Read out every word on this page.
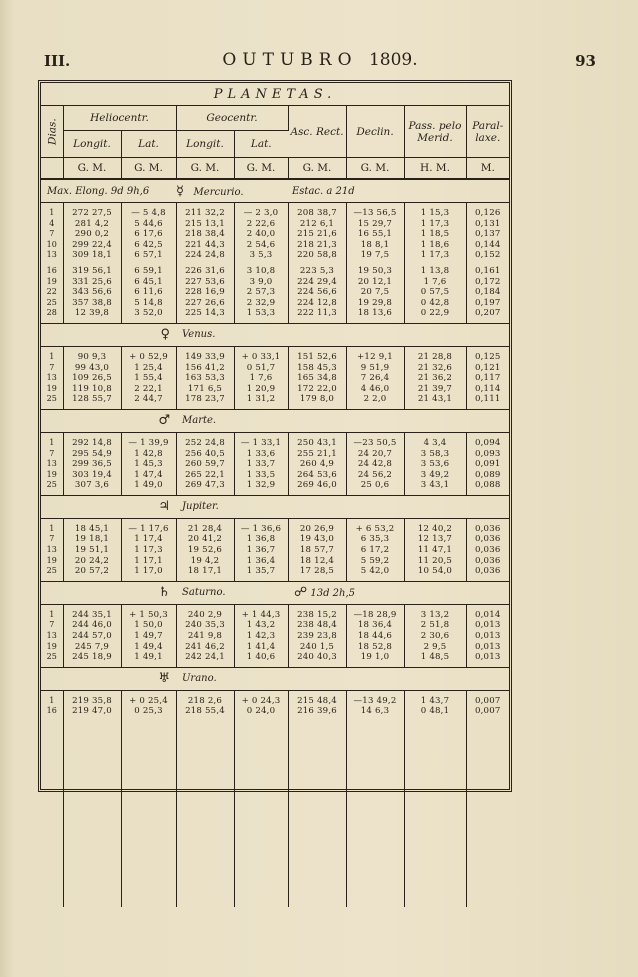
III.	OUTUBRO 1809.	93
PLANETAS.								
Dias.	Heliocentr.		Geocentr.		Asc. Rect.	Declin.	Pass. pelo Merid.	Paral- laxe.
	Longit.	Lat.	Longit.	Lat.				
	G. M.	G. M.	G. M.	G. M.	G. M.	G. M.	H. M.	M.
Max. Elong. 9d 9h,6			☿ Mercurio.		Estac. a 21d			

1	272 27,5	— 5 4,8	211 32,2	— 2 3,0	208 38,7	—13 56,5	1 15,3	0,126
4	281 4,2	5 44,6	215 13,1	2 22,6	212 6,1	15 29,7	1 17,3	0,131
7	290 0,2	6 17,6	218 38,4	2 40,0	215 21,6	16 55,1	1 18,5	0,137
10	299 22,4	6 42,5	221 44,3	2 54,6	218 21,3	18 8,1	1 18,6	0,144
13	309 18,1	6 57,1	224 24,8	3 5,3	220 58,8	19 7,5	1 17,3	0,152

16	319 56,1	6 59,1	226 31,6	3 10,8	223 5,3	19 50,3	1 13,8	0,161
19	331 25,6	6 45,1	227 53,6	3 9,0	224 29,4	20 12,1	1 7,6	0,172
22	343 56,6	6 11,6	228 16,9	2 57,3	224 56,6	20 7,5	0 57,5	0,184
25	357 38,8	5 14,8	227 26,6	2 32,9	224 12,8	19 29,8	0 42,8	0,197
28	12 39,8	3 52,0	225 14,3	1 53,3	222 11,3	18 13,6	0 22,9	0,207

♀			Venus.					

1	90 9,3	+ 0 52,9	149 33,9	+ 0 33,1	151 52,6	+12 9,1	21 28,8	0,125
7	99 43,0	1 25,4	156 41,2	0 51,7	158 45,3	9 51,9	21 32,6	0,121
13	109 26,5	1 55,4	163 53,3	1 7,6	165 34,8	7 26,4	21 36,2	0,117
19	119 10,8	2 22,1	171 6,5	1 20,9	172 22,0	4 46,0	21 39,7	0,114
25	128 55,7	2 44,7	178 23,7	1 31,2	179 8,0	2 2,0	21 43,1	0,111

♂			Marte.					

1	292 14,8	— 1 39,9	252 24,8	— 1 33,1	250 43,1	—23 50,5	4 3,4	0,094
7	295 54,9	1 42,8	256 40,5	1 33,6	255 21,1	24 20,7	3 58,3	0,093
13	299 36,5	1 45,3	260 59,7	1 33,7	260 4,9	24 42,8	3 53,6	0,091
19	303 19,4	1 47,4	265 22,1	1 33,5	264 53,6	24 56,2	3 49,2	0,089
25	307 3,6	1 49,0	269 47,3	1 32,9	269 46,0	25 0,6	3 43,1	0,088

♃			Jupiter.					

1	18 45,1	— 1 17,6	21 28,4	— 1 36,6	20 26,9	+ 6 53,2	12 40,2	0,036
7	19 18,1	1 17,4	20 41,2	1 36,8	19 43,0	6 35,3	12 13,7	0,036
13	19 51,1	1 17,3	19 52,6	1 36,7	18 57,7	6 17,2	11 47,1	0,036
19	20 24,2	1 17,1	19 4,2	1 36,4	18 12,4	5 59,2	11 20,5	0,036
25	20 57,2	1 17,0	18 17,1	1 35,7	17 28,5	5 42,0	10 54,0	0,036

♄			Saturno.		☍ 13d 2h,5			

1	244 35,1	+ 1 50,3	240 2,9	+ 1 44,3	238 15,2	—18 28,9	3 13,2	0,014
7	244 46,0	1 50,0	240 35,3	1 43,2	238 48,4	18 36,4	2 51,8	0,013
13	244 57,0	1 49,7	241 9,8	1 42,3	239 23,8	18 44,6	2 30,6	0,013
19	245 7,9	1 49,4	241 46,2	1 41,4	240 1,5	18 52,8	2 9,5	0,013
25	245 18,9	1 49,1	242 24,1	1 40,6	240 40,3	19 1,0	1 48,5	0,013

♅			Urano.					

1	219 35,8	+ 0 25,4	218 2,6	+ 0 24,3	215 48,4	—13 49,2	1 43,7	0,007
16	219 47,0	0 25,3	218 55,4	0 24,0	216 39,6	14 6,3	0 48,1	0,007
